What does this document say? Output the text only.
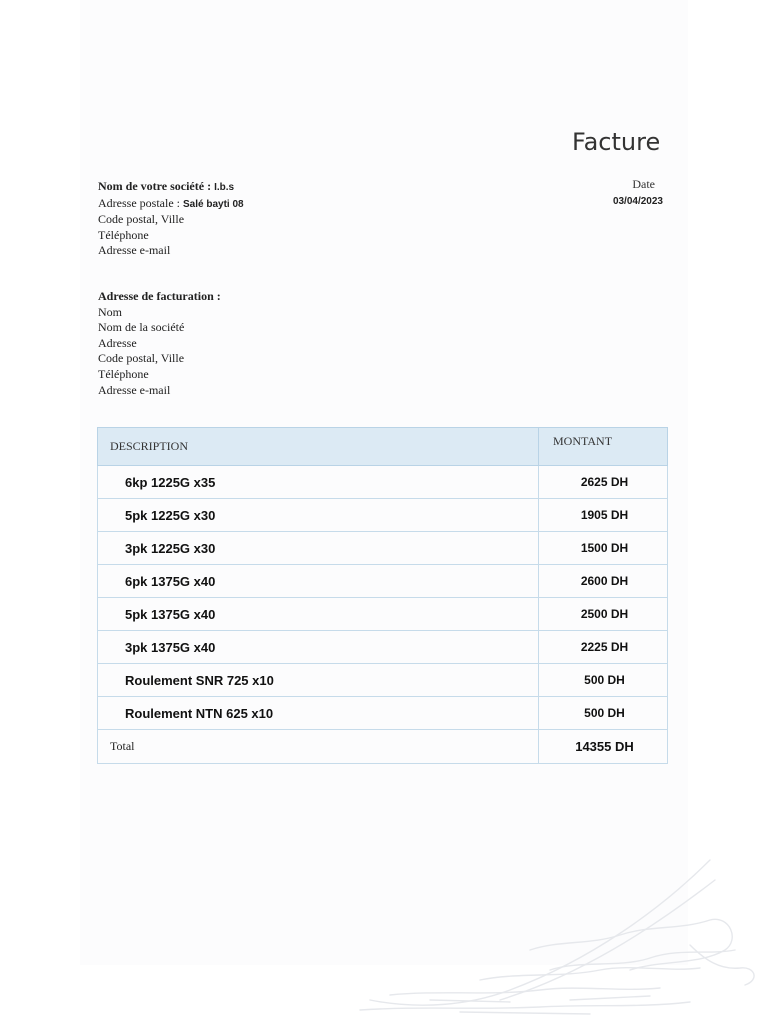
Facture
Date
03/04/2023
Nom de votre société : I.b.s
Adresse postale : Salé bayti 08
Code postal, Ville
Téléphone
Adresse e-mail
Adresse de facturation :
Nom
Nom de la société
Adresse
Code postal, Ville
Téléphone
Adresse e-mail
DESCRIPTION	MONTANT
6kp 1225G x35	2625 DH
5pk 1225G x30	1905 DH
3pk 1225G x30	1500 DH
6pk 1375G x40	2600 DH
5pk 1375G x40	2500 DH
3pk 1375G x40	2225 DH
Roulement SNR 725 x10	500 DH
Roulement NTN 625 x10	500 DH
Total	14355 DH
